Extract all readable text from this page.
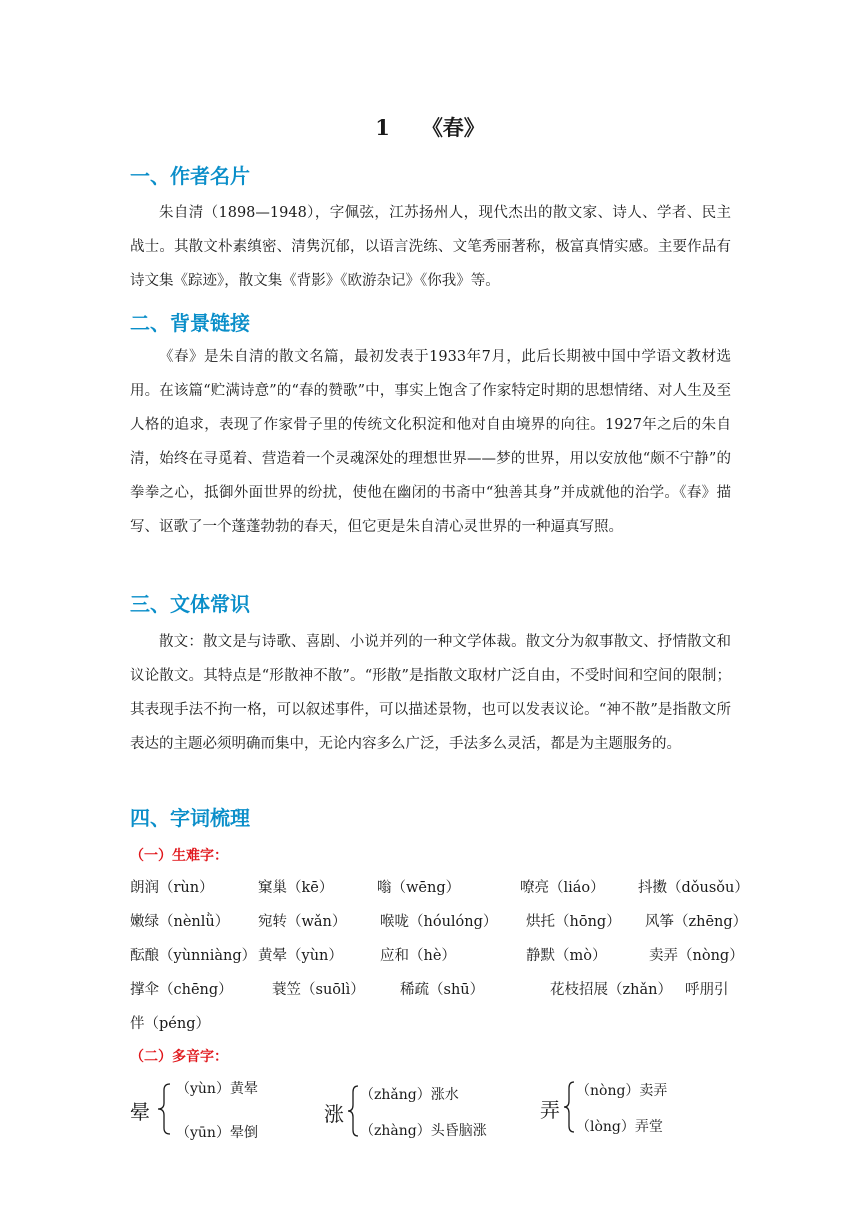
1 《春》
一、作者名片
朱自清（1898—1948），字佩弦，江苏扬州人，现代杰出的散文家、诗人、学者、民主战士。其散文朴素缜密、清隽沉郁，以语言洗练、文笔秀丽著称，极富真情实感。主要作品有诗文集《踪迹》，散文集《背影》《欧游杂记》《你我》等。
二、背景链接
《春》是朱自清的散文名篇，最初发表于1933年7月，此后长期被中国中学语文教材选用。在该篇“贮满诗意”的“春的赞歌”中，事实上饱含了作家特定时期的思想情绪、对人生及至人格的追求，表现了作家骨子里的传统文化积淀和他对自由境界的向往。1927年之后的朱自清，始终在寻觅着、营造着一个灵魂深处的理想世界——梦的世界，用以安放他“颇不宁静”的拳拳之心，抵御外面世界的纷扰，使他在幽闭的书斋中“独善其身”并成就他的治学。《春》描写、讴歌了一个蓬蓬勃勃的春天，但它更是朱自清心灵世界的一种逼真写照。
三、文体常识
散文：散文是与诗歌、喜剧、小说并列的一种文学体裁。散文分为叙事散文、抒情散文和议论散文。其特点是“形散神不散”。“形散”是指散文取材广泛自由，不受时间和空间的限制；其表现手法不拘一格，可以叙述事件，可以描述景物，也可以发表议论。“神不散”是指散文所表达的主题必须明确而集中，无论内容多么广泛，手法多么灵活，都是为主题服务的。
四、字词梳理
（一）生难字：
朗润（rùn）	窠巢（kē）	嗡（wēng）	嘹亮（liáo） 抖擞（dǒusǒu）
嫩绿（nènlǜ） 宛转（wǎn） 喉咙（hóulóng） 烘托（hōng） 风筝（zhēng）
酝酿（yùnniàng） 黄晕（yùn）	应和（hè）	静默（mò）	卖弄（nòng）
撑伞（chēng）	蓑笠（suōlì） 稀疏（shū）	花枝招展（zhǎn） 呼朋引
伴（péng）
（二）多音字：
晕
（yùn）黄晕
（yūn）晕倒
涨
（zhǎng）涨水
（zhàng）头昏脑涨
弄
（nòng）卖弄
（lòng）弄堂
